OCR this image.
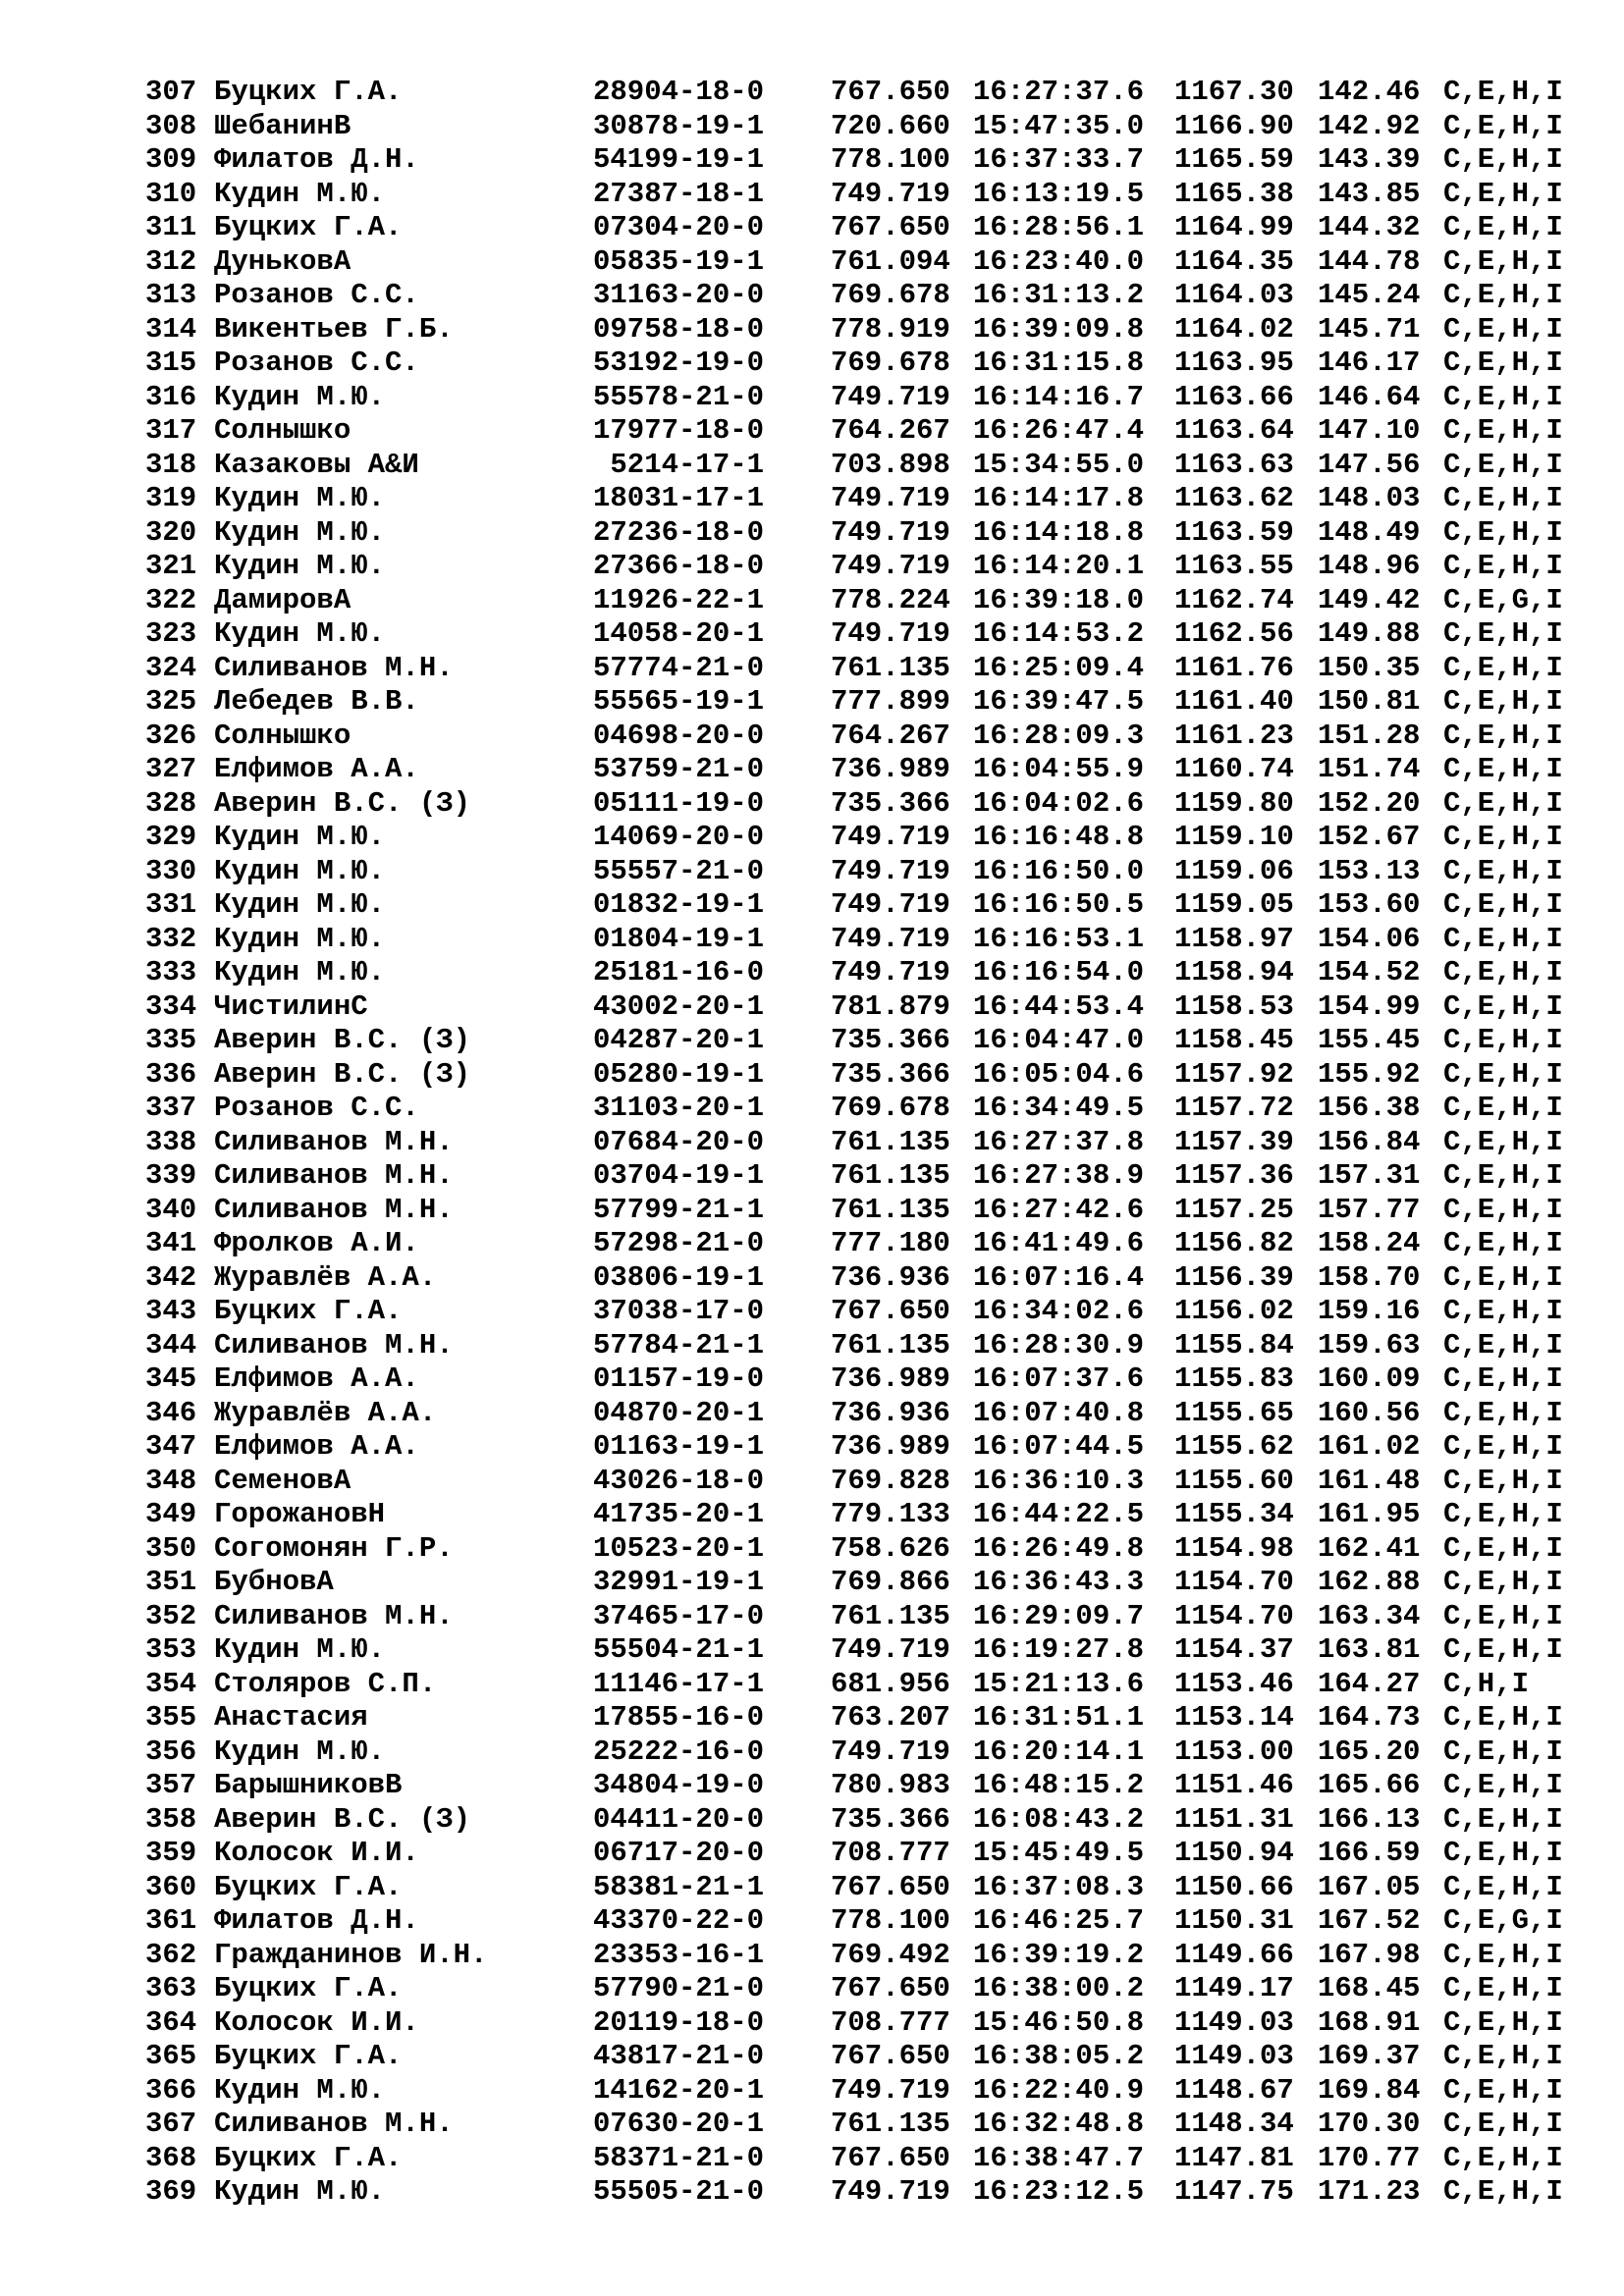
307 Буцких Г.А.	28904-18-0 767.650 16:27:37.6 1167.30 142.46 C,E,H,I
308 ШебанинВ	30878-19-1 720.660 15:47:35.0 1166.90 142.92 C,E,H,I
309 Филатов Д.Н.	54199-19-1 778.100 16:37:33.7 1165.59 143.39 C,E,H,I
310 Кудин М.Ю.	27387-18-1 749.719 16:13:19.5 1165.38 143.85 C,E,H,I
311 Буцких Г.А.	07304-20-0 767.650 16:28:56.1 1164.99 144.32 C,E,H,I
312 ДуньковА	05835-19-1 761.094 16:23:40.0 1164.35 144.78 C,E,H,I
313 Розанов С.С.	31163-20-0 769.678 16:31:13.2 1164.03 145.24 C,E,H,I
314 Викентьев Г.Б.	09758-18-0 778.919 16:39:09.8 1164.02 145.71 C,E,H,I
315 Розанов С.С.	53192-19-0 769.678 16:31:15.8 1163.95 146.17 C,E,H,I
316 Кудин М.Ю.	55578-21-0 749.719 16:14:16.7 1163.66 146.64 C,E,H,I
317 Солнышко	17977-18-0 764.267 16:26:47.4 1163.64 147.10 C,E,H,I
318 Казаковы А&И	5214-17-1 703.898 15:34:55.0 1163.63 147.56 C,E,H,I
319 Кудин М.Ю.	18031-17-1 749.719 16:14:17.8 1163.62 148.03 C,E,H,I
320 Кудин М.Ю.	27236-18-0 749.719 16:14:18.8 1163.59 148.49 C,E,H,I
321 Кудин М.Ю.	27366-18-0 749.719 16:14:20.1 1163.55 148.96 C,E,H,I
322 ДамировА	11926-22-1 778.224 16:39:18.0 1162.74 149.42 C,E,G,I
323 Кудин М.Ю.	14058-20-1 749.719 16:14:53.2 1162.56 149.88 C,E,H,I
324 Силиванов М.Н.	57774-21-0 761.135 16:25:09.4 1161.76 150.35 C,E,H,I
325 Лебедев В.В.	55565-19-1 777.899 16:39:47.5 1161.40 150.81 C,E,H,I
326 Солнышко	04698-20-0 764.267 16:28:09.3 1161.23 151.28 C,E,H,I
327 Елфимов А.А.	53759-21-0 736.989 16:04:55.9 1160.74 151.74 C,E,H,I
328 Аверин В.С. (З)	05111-19-0 735.366 16:04:02.6 1159.80 152.20 C,E,H,I
329 Кудин М.Ю.	14069-20-0 749.719 16:16:48.8 1159.10 152.67 C,E,H,I
330 Кудин М.Ю.	55557-21-0 749.719 16:16:50.0 1159.06 153.13 C,E,H,I
331 Кудин М.Ю.	01832-19-1 749.719 16:16:50.5 1159.05 153.60 C,E,H,I
332 Кудин М.Ю.	01804-19-1 749.719 16:16:53.1 1158.97 154.06 C,E,H,I
333 Кудин М.Ю.	25181-16-0 749.719 16:16:54.0 1158.94 154.52 C,E,H,I
334 ЧистилинС	43002-20-1 781.879 16:44:53.4 1158.53 154.99 C,E,H,I
335 Аверин В.С. (З)	04287-20-1 735.366 16:04:47.0 1158.45 155.45 C,E,H,I
336 Аверин В.С. (З)	05280-19-1 735.366 16:05:04.6 1157.92 155.92 C,E,H,I
337 Розанов С.С.	31103-20-1 769.678 16:34:49.5 1157.72 156.38 C,E,H,I
338 Силиванов М.Н.	07684-20-0 761.135 16:27:37.8 1157.39 156.84 C,E,H,I
339 Силиванов М.Н.	03704-19-1 761.135 16:27:38.9 1157.36 157.31 C,E,H,I
340 Силиванов М.Н.	57799-21-1 761.135 16:27:42.6 1157.25 157.77 C,E,H,I
341 Фролков А.И.	57298-21-0 777.180 16:41:49.6 1156.82 158.24 C,E,H,I
342 Журавлёв А.А.	03806-19-1 736.936 16:07:16.4 1156.39 158.70 C,E,H,I
343 Буцких Г.А.	37038-17-0 767.650 16:34:02.6 1156.02 159.16 C,E,H,I
344 Силиванов М.Н.	57784-21-1 761.135 16:28:30.9 1155.84 159.63 C,E,H,I
345 Елфимов А.А.	01157-19-0 736.989 16:07:37.6 1155.83 160.09 C,E,H,I
346 Журавлёв А.А.	04870-20-1 736.936 16:07:40.8 1155.65 160.56 C,E,H,I
347 Елфимов А.А.	01163-19-1 736.989 16:07:44.5 1155.62 161.02 C,E,H,I
348 СеменовА	43026-18-0 769.828 16:36:10.3 1155.60 161.48 C,E,H,I
349 ГорожановН	41735-20-1 779.133 16:44:22.5 1155.34 161.95 C,E,H,I
350 Согомонян Г.Р.	10523-20-1 758.626 16:26:49.8 1154.98 162.41 C,E,H,I
351 БубновА	32991-19-1 769.866 16:36:43.3 1154.70 162.88 C,E,H,I
352 Силиванов М.Н.	37465-17-0 761.135 16:29:09.7 1154.70 163.34 C,E,H,I
353 Кудин М.Ю.	55504-21-1 749.719 16:19:27.8 1154.37 163.81 C,E,H,I
354 Столяров С.П.	11146-17-1 681.956 15:21:13.6 1153.46 164.27 C,H,I
355 Анастасия	17855-16-0 763.207 16:31:51.1 1153.14 164.73 C,E,H,I
356 Кудин М.Ю.	25222-16-0 749.719 16:20:14.1 1153.00 165.20 C,E,H,I
357 БарышниковВ	34804-19-0 780.983 16:48:15.2 1151.46 165.66 C,E,H,I
358 Аверин В.С. (З)	04411-20-0 735.366 16:08:43.2 1151.31 166.13 C,E,H,I
359 Колосок И.И.	06717-20-0 708.777 15:45:49.5 1150.94 166.59 C,E,H,I
360 Буцких Г.А.	58381-21-1 767.650 16:37:08.3 1150.66 167.05 C,E,H,I
361 Филатов Д.Н.	43370-22-0 778.100 16:46:25.7 1150.31 167.52 C,E,G,I
362 Гражданинов И.Н.	23353-16-1 769.492 16:39:19.2 1149.66 167.98 C,E,H,I
363 Буцких Г.А.	57790-21-0 767.650 16:38:00.2 1149.17 168.45 C,E,H,I
364 Колосок И.И.	20119-18-0 708.777 15:46:50.8 1149.03 168.91 C,E,H,I
365 Буцких Г.А.	43817-21-0 767.650 16:38:05.2 1149.03 169.37 C,E,H,I
366 Кудин М.Ю.	14162-20-1 749.719 16:22:40.9 1148.67 169.84 C,E,H,I
367 Силиванов М.Н.	07630-20-1 761.135 16:32:48.8 1148.34 170.30 C,E,H,I
368 Буцких Г.А.	58371-21-0 767.650 16:38:47.7 1147.81 170.77 C,E,H,I
369 Кудин М.Ю.	55505-21-0 749.719 16:23:12.5 1147.75 171.23 C,E,H,I
